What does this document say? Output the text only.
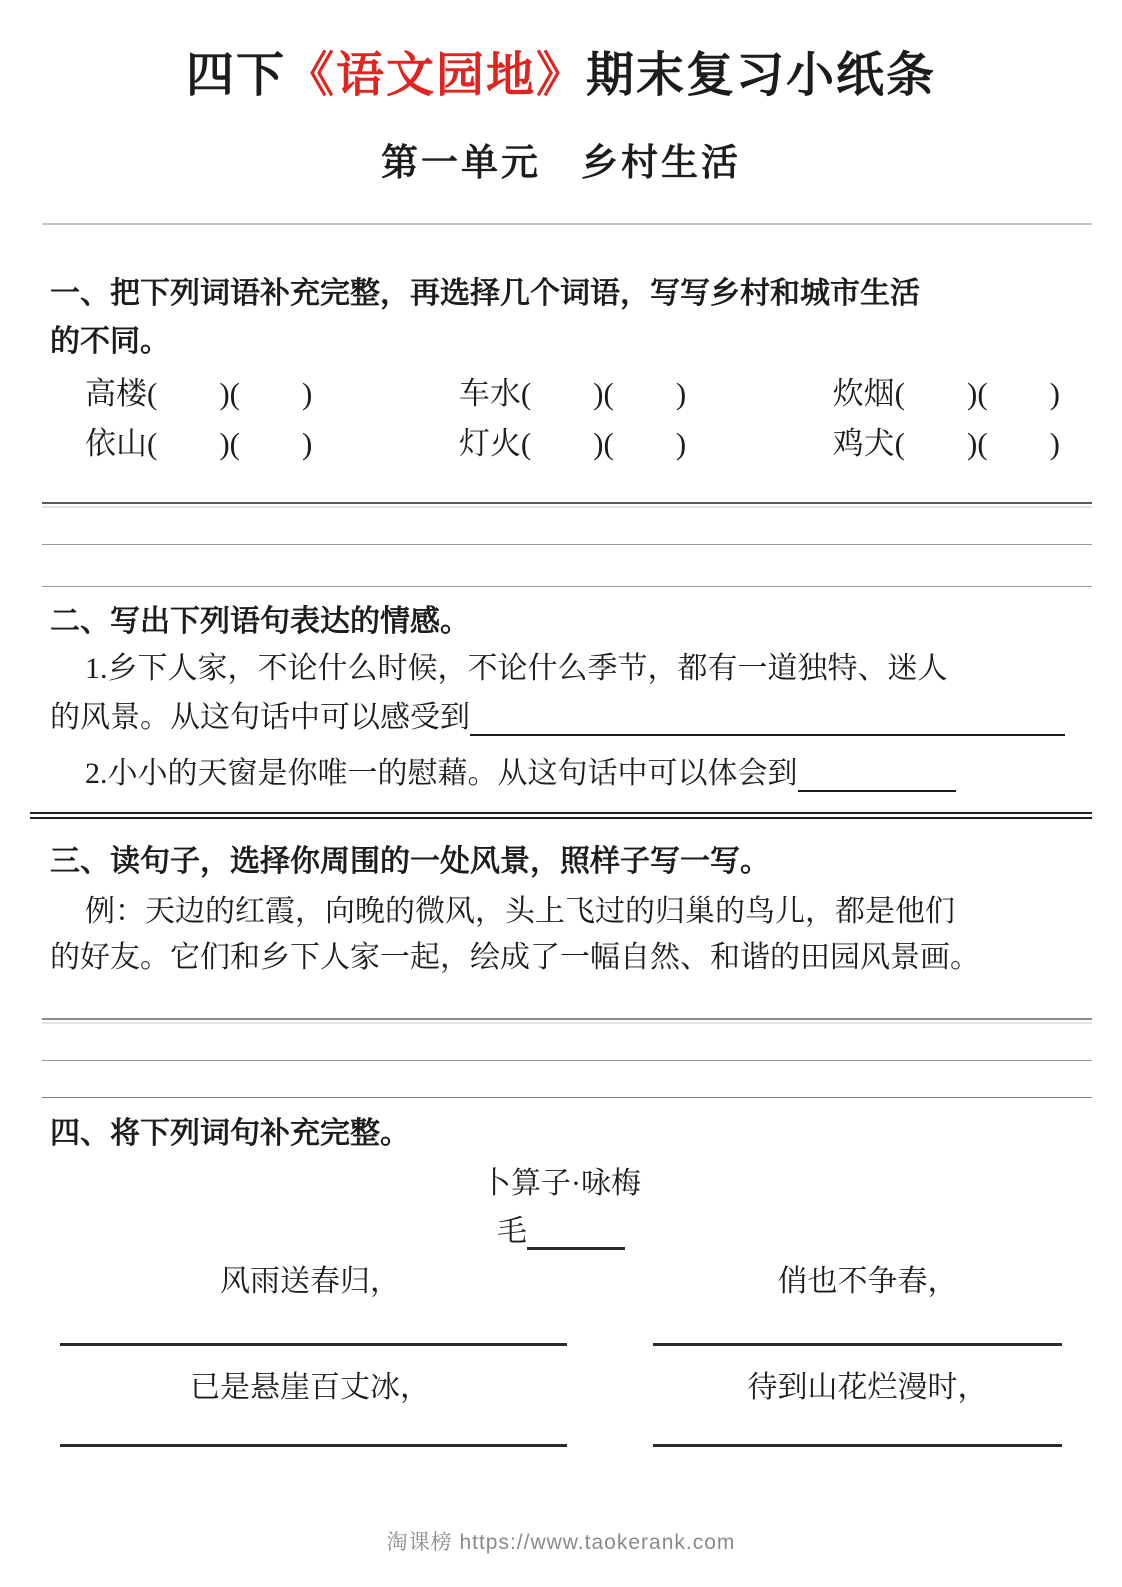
四下《语文园地》期末复习小纸条
第一单元　乡村生活
一、把下列词语补充完整，再选择几个词语，写写乡村和城市生活
的不同。
高楼(　　)(　　)	车水(　　)(　　)	炊烟(　　)(　　)
依山(　　)(　　)	灯火(　　)(　　)	鸡犬(　　)(　　)
二、写出下列语句表达的情感。
1.乡下人家，不论什么时候，不论什么季节，都有一道独特、迷人
的风景。从这句话中可以感受到
2.小小的天窗是你唯一的慰藉。从这句话中可以体会到
三、读句子，选择你周围的一处风景，照样子写一写。
例：天边的红霞，向晚的微风，头上飞过的归巢的鸟儿，都是他们
的好友。它们和乡下人家一起，绘成了一幅自然、和谐的田园风景画。
四、将下列词句补充完整。
卜算子·咏梅
毛
风雨送春归，	俏也不争春，
已是悬崖百丈冰，	待到山花烂漫时，
淘课榜 https://www.taokerank.com
